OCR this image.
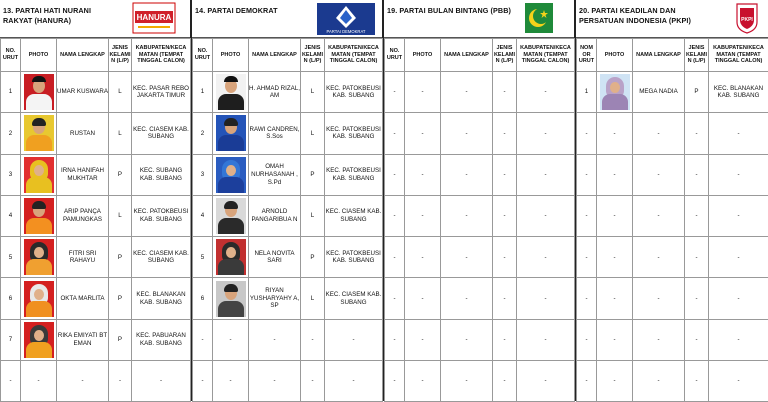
13. PARTAI HATI NURANI
RAKYAT (HANURA)	HANURA
NO. URUT	PHOTO	NAMA LENGKAP	JENIS KELAMI N (L/P)	KABUPATEN/KECA MATAN (TEMPAT TINGGAL CALON)
1		UMAR KUSWARA	L	KEC. PASAR REBO JAKARTA TIMUR
2		RUSTAN	L	KEC. CIASEM KAB. SUBANG
3		IRNA HANIFAH MUKHTAR	P	KEC. SUBANG KAB. SUBANG
4		ARIP PANÇA PAMUNGKAS	L	KEC. PATOKBEUSI KAB. SUBANG
5		FITRI SRI RAHAYU	P	KEC. CIASEM KAB. SUBANG
6		OKTA MARLITA	P	KEC. BLANAKAN KAB. SUBANG
7		RIKA EMIYATI BT EMAN	P	KEC. PABUARAN KAB. SUBANG
-	-	-	-	-
14. PARTAI DEMOKRAT
PARTAI DEMOKRAT
NO. URUT	PHOTO	NAMA LENGKAP	JENIS KELAMI N (L/P)	KABUPATEN/KECA MATAN (TEMPAT TINGGAL CALON)
1		H. AHMAD RIZAL, AM	L	KEC. PATOKBEUSI KAB. SUBANG
2		RAWI CANDREN, S.Sos	L	KEC. PATOKBEUSI KAB. SUBANG
3		OMAH NURHASANAH , S.Pd	P	KEC. PATOKBEUSI KAB. SUBANG
4		ARNOLD PANGARIBUA N	L	KEC. CIASEM KAB. SUBANG
5		NELA NOVITA SARI	P	KEC. PATOKBEUSI KAB. SUBANG
6		RIYAN YUSHARYAHY A, SP	L	KEC. CIASEM KAB. SUBANG
-	-	-	-	-
-	-	-	-	-
19. PARTAI BULAN BINTANG (PBB)
NO. URUT	PHOTO	NAMA LENGKAP	JENIS KELAMI N (L/P)	KABUPATEN/KECA MATAN (TEMPAT TINGGAL CALON)
-	-	-	-	-
-	-	-	-	-
-	-	-	-	-
-	-	-	-	-
-	-	-	-	-
-	-	-	-	-
-	-	-	-	-
-	-	-	-	-
20. PARTAI KEADILAN DAN
PERSATUAN INDONESIA (PKPI)	PKPI
NOM OR URUT	PHOTO	NAMA LENGKAP	JENIS KELAMI N (L/P)	KABUPATEN/KECA MATAN (TEMPAT TINGGAL CALON)
1		MEGA NADIA	P	KEC. BLANAKAN KAB. SUBANG
-	-	-	-	-
-	-	-	-	-
-	-	-	-	-
-	-	-	-	-
-	-	-	-	-
-	-	-	-	-
-	-	-	-	-
